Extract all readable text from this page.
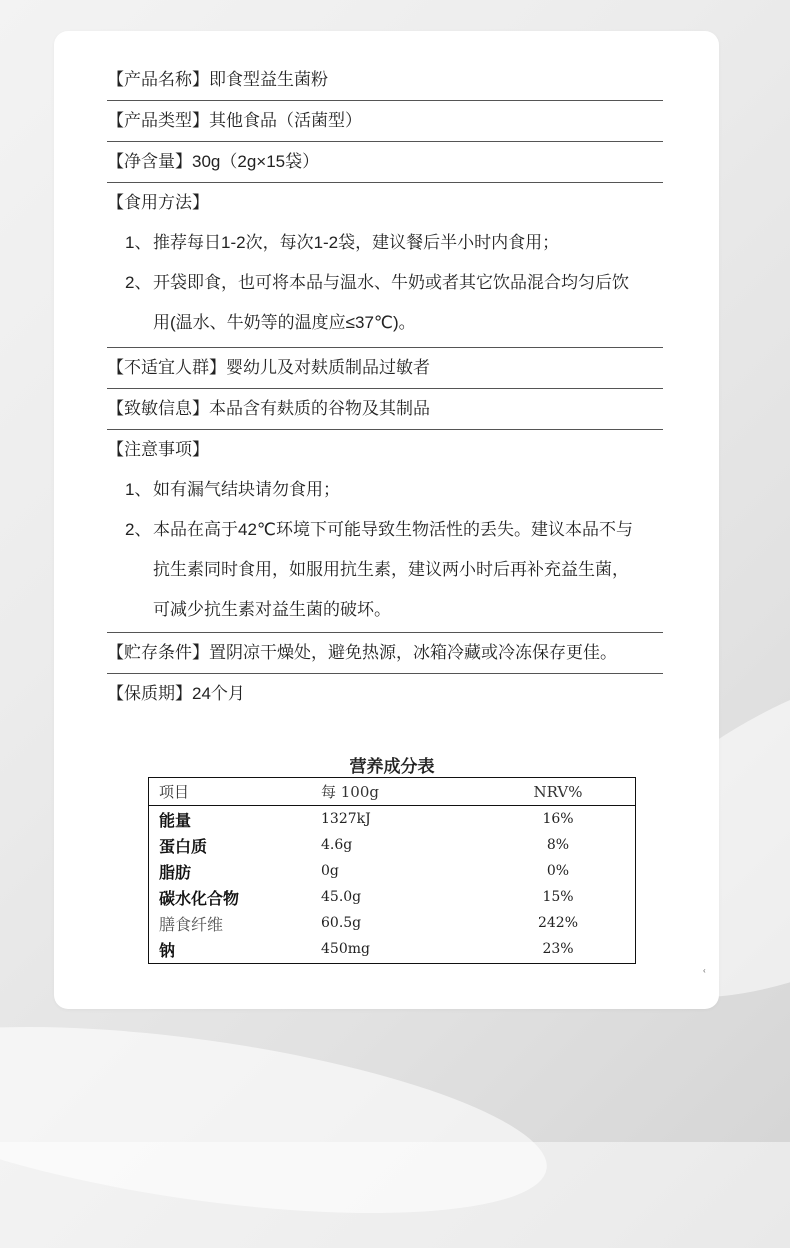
【产品名称】即食型益生菌粉
【产品类型】其他食品（活菌型）
【净含量】30g（2g×15袋）
【食用方法】
1、 推荐每日1-2次，每次1-2袋，建议餐后半小时内食用；
2、 开袋即食，也可将本品与温水、牛奶或者其它饮品混合均匀后饮
用(温水、牛奶等的温度应≤37℃)。
【不适宜人群】婴幼儿及对麸质制品过敏者
【致敏信息】本品含有麸质的谷物及其制品
【注意事项】
1、 如有漏气结块请勿食用；
2、 本品在高于42℃环境下可能导致生物活性的丢失。建议本品不与
抗生素同时食用，如服用抗生素，建议两小时后再补充益生菌，
可减少抗生素对益生菌的破坏。
【贮存条件】置阴凉干燥处，避免热源，冰箱冷藏或冷冻保存更佳。
【保质期】24个月
营养成分表
项目	每 100g	NRV%
能量	1327kJ	16%
蛋白质	4.6g	8%
脂肪	0g	0%
碳水化合物	45.0g	15%
膳食纤维	60.5g	242%
钠	450mg	23%
‹
